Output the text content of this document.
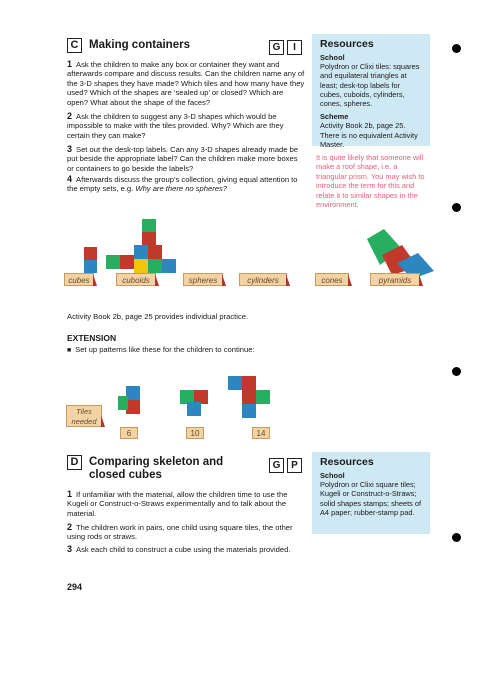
C Making containers	G I
1 Ask the children to make any box or container they want and afterwards compare and discuss results. Can the children name any of the 3-D shapes they have made? Which tiles and how many have they used? Which of the shapes are ‘sealed up’ or closed? Which are open? What about the shape of the faces?
2 Ask the children to suggest any 3-D shapes which would be impossible to make with the tiles provided. Why? Which are they certain they can make?
3 Set out the desk-top labels. Can any 3-D shapes already made be put beside the appropriate label? Can the children make more boxes or containers to go beside the labels?
4 Afterwards discuss the group’s collection, giving equal attention to the empty sets, e.g. Why are there no spheres?
Resources
School
Polydron or Clixi tiles: squares and equilateral triangles at least; desk-top labels for cubes, cuboids, cylinders, cones, spheres.
Scheme
Activity Book 2b, page 25. There is no equivalent Activity Master.
It is quite likely that someone will make a roof shape, i.e. a triangular prism. You may wish to introduce the term for this and relate it to similar shapes in the environment.
cubes	cuboids	spheres	cylinders	cones	pyramids
Activity Book 2b, page 25 provides individual practice.
EXTENSION
■  Set up patterns like these for the children to continue:
Tiles needed
6	10	14
D Comparing skeleton and
closed cubes
G P
1 If unfamiliar with the material, allow the children time to use the Kugeli or Construct-o-Straws experimentally and to talk about the material.
2 The children work in pairs, one child using square tiles, the other using rods or straws.
3 Ask each child to construct a cube using the materials provided.
Resources
School
Polydron or Clixi square tiles; Kugeli or Construct-o-Straws; solid shapes stamps; sheets of A4 paper; rubber-stamp pad.
294
